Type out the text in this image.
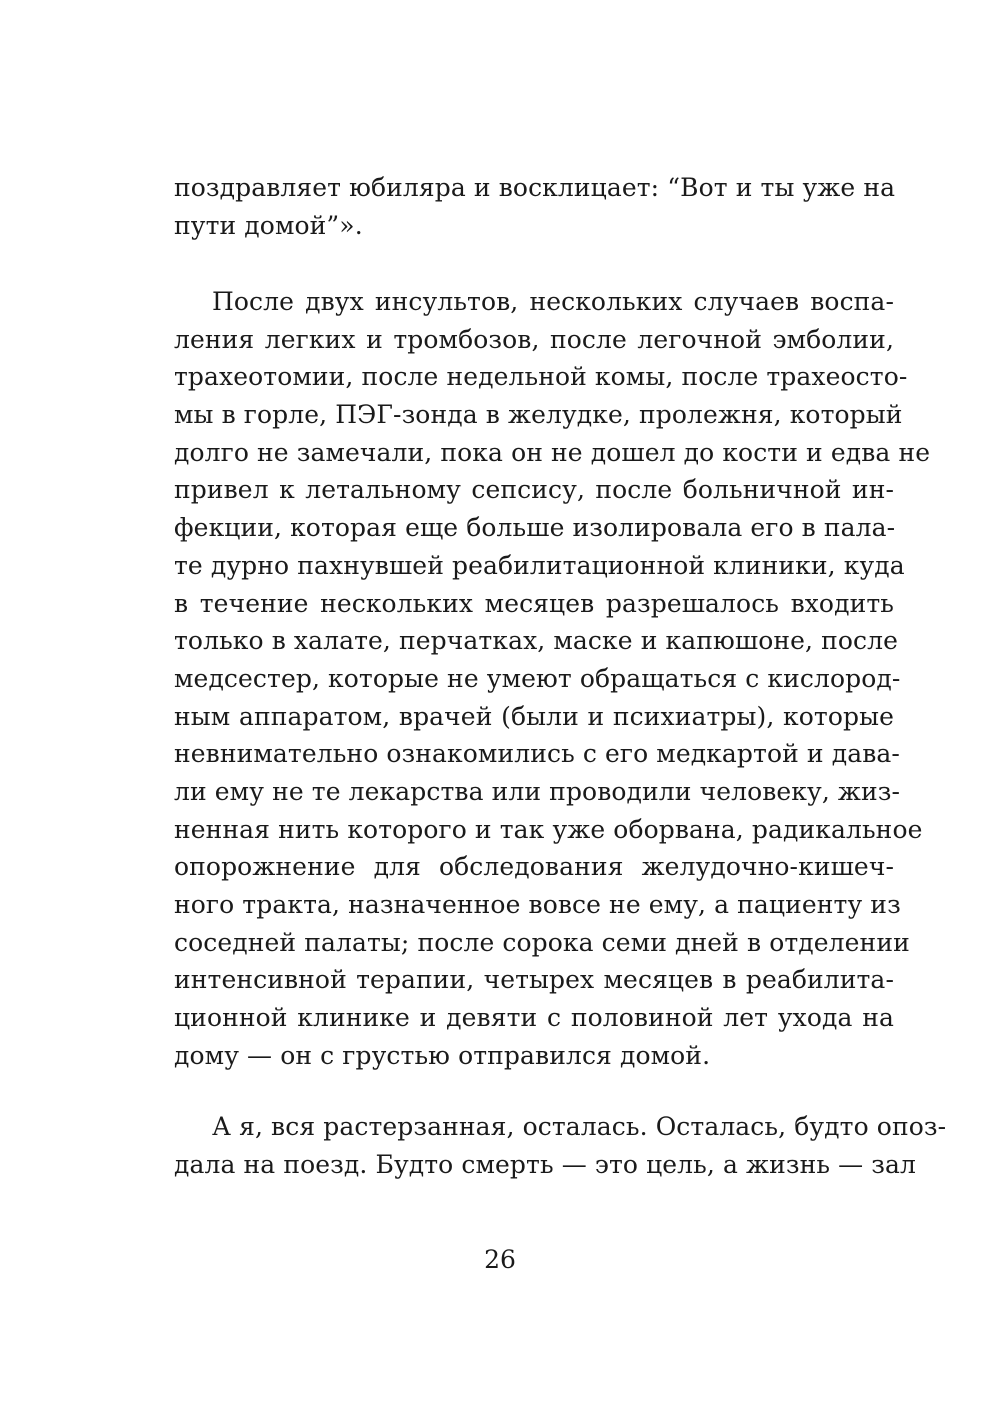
поздравляет юбиляра и восклицает: “Вот и ты уже на
пути домой”».
После двух инсультов, нескольких случаев воспа-
ления легких и тромбозов, после легочной эмболии,
трахеотомии, после недельной комы, после трахеосто-
мы в горле, ПЭГ-зонда в желудке, пролежня, который
долго не замечали, пока он не дошел до кости и едва не
привел к летальному сепсису, после больничной ин-
фекции, которая еще больше изолировала его в пала-
те дурно пахнувшей реабилитационной клиники, куда
в течение нескольких месяцев разрешалось входить
только в халате, перчатках, маске и капюшоне, после
медсестер, которые не умеют обращаться с кислород-
ным аппаратом, врачей (были и психиатры), которые
невнимательно ознакомились с его медкартой и дава-
ли ему не те лекарства или проводили человеку, жиз-
ненная нить которого и так уже оборвана, радикальное
опорожнение для обследования желудочно-кишеч-
ного тракта, назначенное вовсе не ему, а пациенту из
соседней палаты; после сорока семи дней в отделении
интенсивной терапии, четырех месяцев в реабилита-
ционной клинике и девяти с половиной лет ухода на
дому — он с грустью отправился домой.
А я, вся растерзанная, осталась. Осталась, будто опоз-
дала на поезд. Будто смерть — это цель, а жизнь — зал
26
